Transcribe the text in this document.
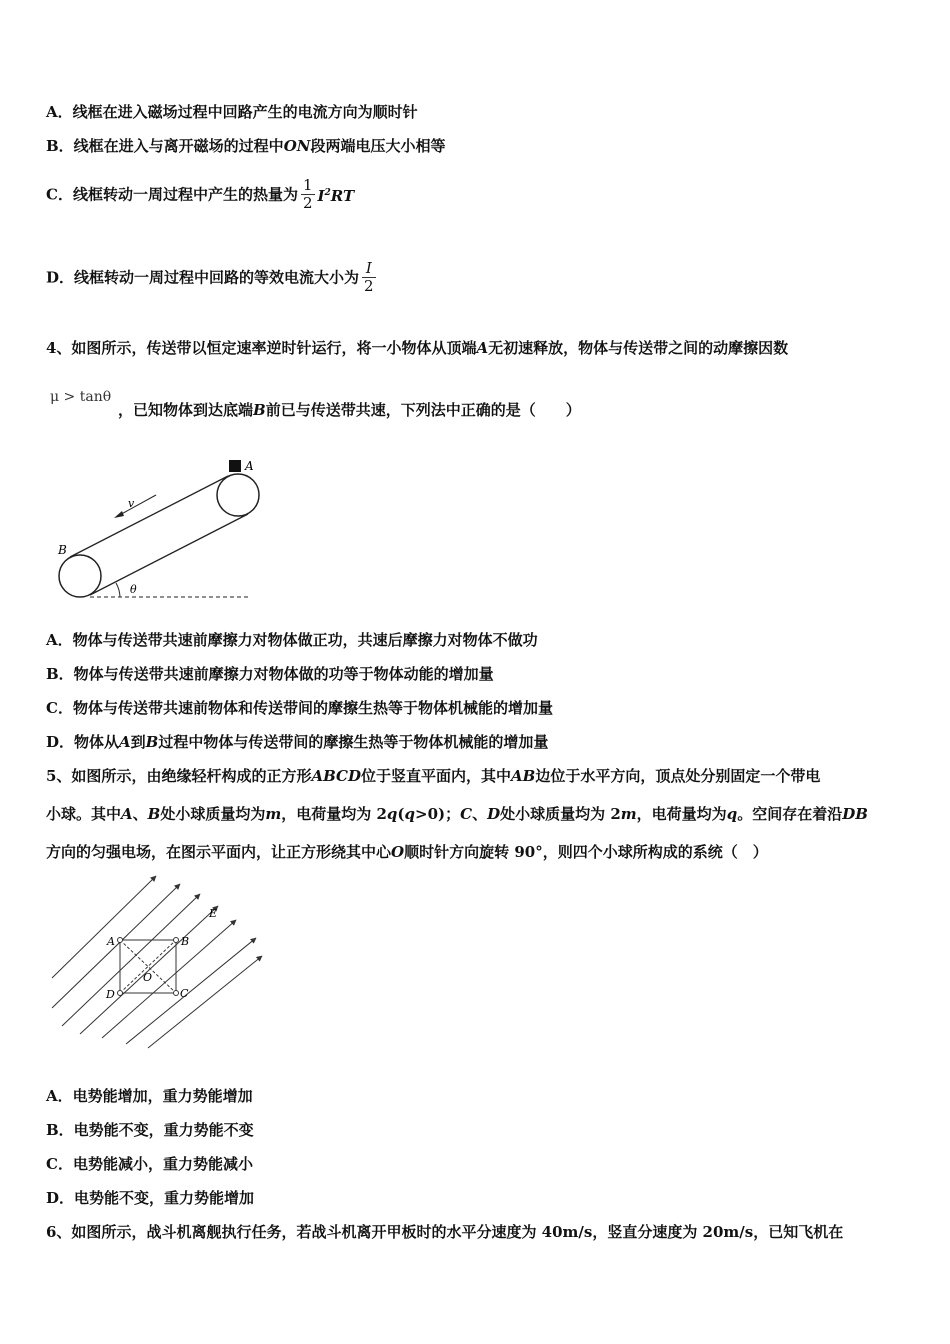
A．线框在进入磁场过程中回路产生的电流方向为顺时针
B．线框在进入与离开磁场的过程中ON段两端电压大小相等
C．线框转动一周过程中产生的热量为 $\frac{1}{2} I^2RT$
D．线框转动一周过程中回路的等效电流大小为 $\frac{I}{2}$
4、如图所示，传送带以恒定速率逆时针运行，将一小物体从顶端A无初速释放，物体与传送带之间的动摩擦因数
μ > tanθ
，已知物体到达底端B前已与传送带共速，下列法中正确的是（　　）
A
B
v
θ
A．物体与传送带共速前摩擦力对物体做正功，共速后摩擦力对物体不做功
B．物体与传送带共速前摩擦力对物体做的功等于物体动能的增加量
C．物体与传送带共速前物体和传送带间的摩擦生热等于物体机械能的增加量
D．物体从A到B过程中物体与传送带间的摩擦生热等于物体机械能的增加量
5、如图所示，由绝缘轻杆构成的正方形ABCD位于竖直平面内，其中AB边位于水平方向，顶点处分别固定一个带电
小球。其中A、B处小球质量均为m，电荷量均为 2q(q>0)；C、D处小球质量均为 2m，电荷量均为q。空间存在着沿DB
方向的匀强电场，在图示平面内，让正方形绕其中心O顺时针方向旋转 90°，则四个小球所构成的系统（　）
A	B
C
D
O
E
A．电势能增加，重力势能增加
B．电势能不变，重力势能不变
C．电势能减小，重力势能减小
D．电势能不变，重力势能增加
6、如图所示，战斗机离舰执行任务，若战斗机离开甲板时的水平分速度为 40m/s，竖直分速度为 20m/s，已知飞机在
